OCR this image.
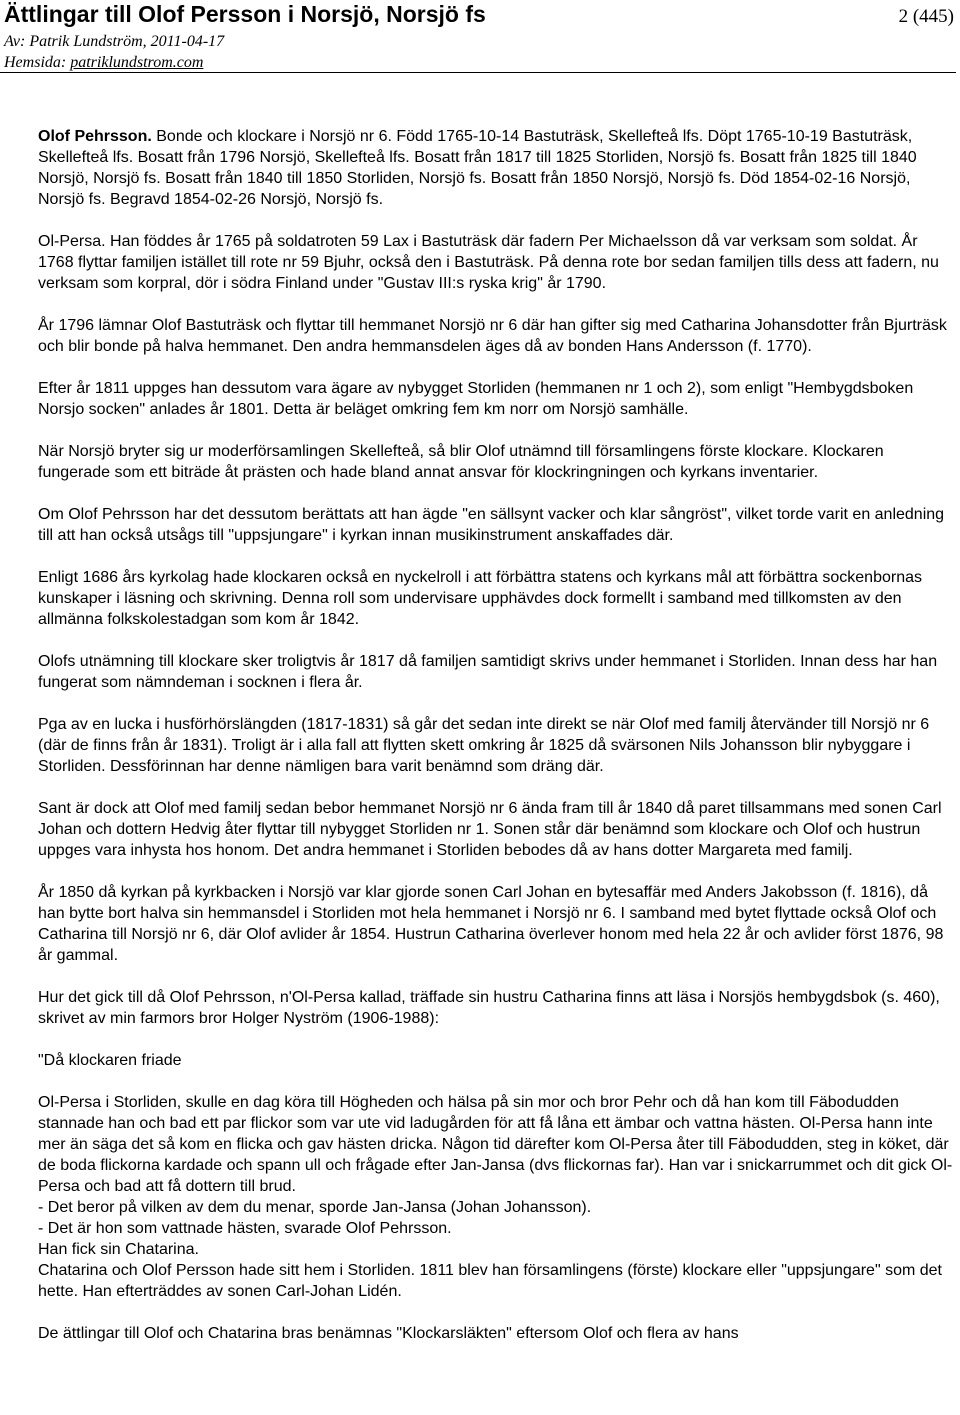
Ättlingar till Olof Persson i Norsjö, Norsjö fs	2 (445)

Av: Patrik Lundström, 2011-04-17

Hemsida: patriklundstrom.com

Olof Pehrsson. Bonde och klockare i Norsjö nr 6. Född 1765-10-14 Bastuträsk, Skellefteå lfs. Döpt 1765-10-19 Bastuträsk, Skellefteå lfs. Bosatt från 1796 Norsjö, Skellefteå lfs. Bosatt från 1817 till 1825 Storliden, Norsjö fs. Bosatt från 1825 till 1840 Norsjö, Norsjö fs. Bosatt från 1840 till 1850 Storliden, Norsjö fs. Bosatt från 1850 Norsjö, Norsjö fs. Död 1854-02-16 Norsjö, Norsjö fs. Begravd 1854-02-26 Norsjö, Norsjö fs.

Ol-Persa. Han föddes år 1765 på soldatroten 59 Lax i Bastuträsk där fadern Per Michaelsson då var verksam som soldat. År 1768 flyttar familjen istället till rote nr 59 Bjuhr, också den i Bastuträsk. På denna rote bor sedan familjen tills dess att fadern, nu verksam som korpral, dör i södra Finland under "Gustav III:s ryska krig" år 1790.

År 1796 lämnar Olof Bastuträsk och flyttar till hemmanet Norsjö nr 6 där han gifter sig med Catharina Johansdotter från Bjurträsk och blir bonde på halva hemmanet. Den andra hemmansdelen äges då av bonden Hans Andersson (f. 1770).

Efter år 1811 uppges han dessutom vara ägare av nybygget Storliden (hemmanen nr 1 och 2), som enligt "Hembygdsboken Norsjo socken" anlades år 1801. Detta är beläget omkring fem km norr om Norsjö samhälle.

När Norsjö bryter sig ur moderförsamlingen Skellefteå, så blir Olof utnämnd till församlingens förste klockare. Klockaren fungerade som ett biträde åt prästen och hade bland annat ansvar för klockringningen och kyrkans inventarier.

Om Olof Pehrsson har det dessutom berättats att han ägde "en sällsynt vacker och klar sångröst", vilket torde varit en anledning till att han också utsågs till "uppsjungare" i kyrkan innan musikinstrument anskaffades där.

Enligt 1686 års kyrkolag hade klockaren också en nyckelroll i att förbättra statens och kyrkans mål att förbättra sockenbornas kunskaper i läsning och skrivning. Denna roll som undervisare upphävdes dock formellt i samband med tillkomsten av den allmänna folkskolestadgan som kom år 1842.

Olofs utnämning till klockare sker troligtvis år 1817 då familjen samtidigt skrivs under hemmanet i Storliden. Innan dess har han fungerat som nämndeman i socknen i flera år.

Pga av en lucka i husförhörslängden (1817-1831) så går det sedan inte direkt se när Olof med familj återvänder till Norsjö nr 6 (där de finns från år 1831). Troligt är i alla fall att flytten skett omkring år 1825 då svärsonen Nils Johansson blir nybyggare i Storliden. Dessförinnan har denne nämligen bara varit benämnd som dräng där.

Sant är dock att Olof med familj sedan bebor hemmanet Norsjö nr 6 ända fram till år 1840 då paret tillsammans med sonen Carl Johan och dottern Hedvig åter flyttar till nybygget Storliden nr 1. Sonen står där benämnd som klockare och Olof och hustrun uppges vara inhysta hos honom. Det andra hemmanet i Storliden bebodes då av hans dotter Margareta med familj.

År 1850 då kyrkan på kyrkbacken i Norsjö var klar gjorde sonen Carl Johan en bytesaffär med Anders Jakobsson (f. 1816), då han bytte bort halva sin hemmansdel i Storliden mot hela hemmanet i Norsjö nr 6. I samband med bytet flyttade också Olof och Catharina till Norsjö nr 6, där Olof avlider år 1854. Hustrun Catharina överlever honom med hela 22 år och avlider först 1876, 98 år gammal.

Hur det gick till då Olof Pehrsson, n'Ol-Persa kallad, träffade sin hustru Catharina finns att läsa i Norsjös hembygdsbok (s. 460), skrivet av min farmors bror Holger Nyström (1906-1988):

"Då klockaren friade

Ol-Persa i Storliden, skulle en dag köra till Högheden och hälsa på sin mor och bror Pehr och då han kom till Fäbodudden stannade han och bad ett par flickor som var ute vid ladugården för att få låna ett ämbar och vattna hästen. Ol-Persa hann inte mer än säga det så kom en flicka och gav hästen dricka. Någon tid därefter kom Ol-Persa åter till Fäbodudden, steg in köket, där de boda flickorna kardade och spann ull och frågade efter Jan-Jansa (dvs flickornas far). Han var i snickarrummet och dit gick Ol-Persa och bad att få dottern till brud.

- Det beror på vilken av dem du menar, sporde Jan-Jansa (Johan Johansson).

- Det är hon som vattnade hästen, svarade Olof Pehrsson.

Han fick sin Chatarina.

Chatarina och Olof Persson hade sitt hem i Storliden. 1811 blev han församlingens (förste) klockare eller "uppsjungare" som det hette. Han efterträddes av sonen Carl-Johan Lidén.

De ättlingar till Olof och Chatarina bras benämnas "Klockarsläkten" eftersom Olof och flera av hans
